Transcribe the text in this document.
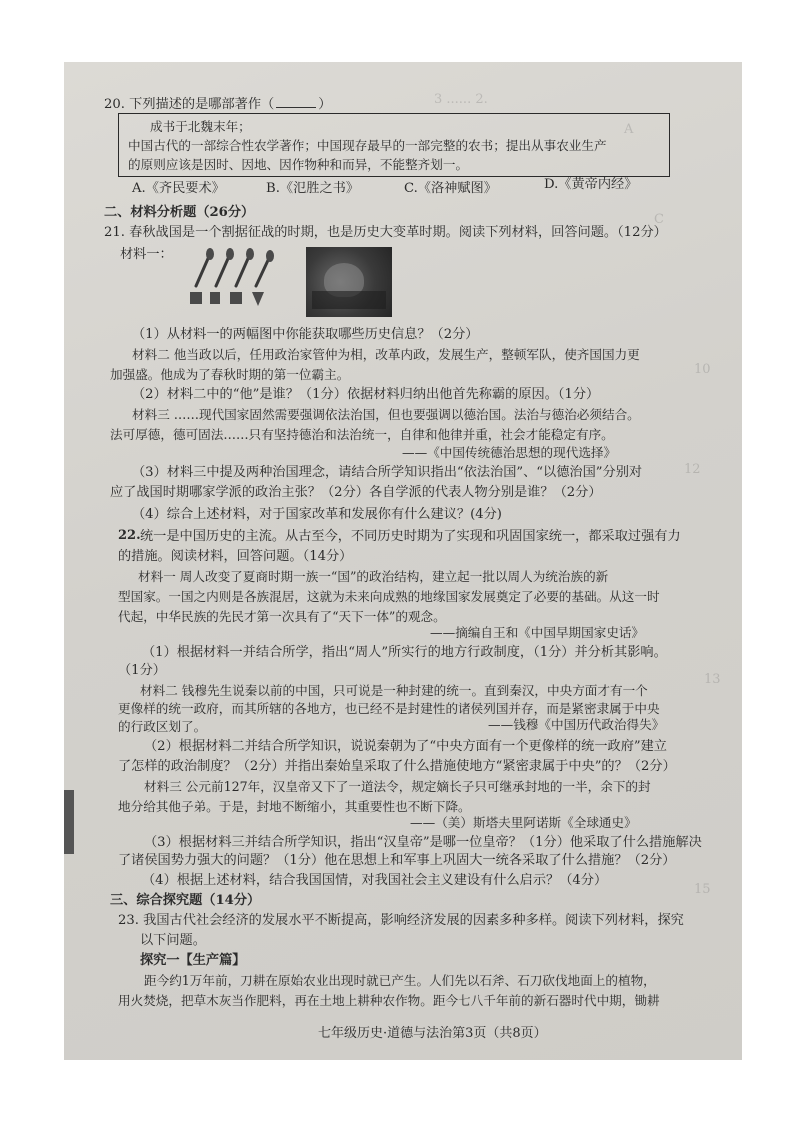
3 ...... 2.
A
C
10
12
13
15
20. 下列描述的是哪部著作（	）
成书于北魏末年；
中国古代的一部综合性农学著作；中国现存最早的一部完整的农书；提出从事农业生产
的原则应该是因时、因地、因作物种和而异，不能整齐划一。
A.《齐民要术》	B.《氾胜之书》	C.《洛神赋图》	D.《黄帝内经》
二、材料分析题（26分）
21. 春秋战国是一个割据征战的时期，也是历史大变革时期。阅读下列材料，回答问题。（12分）
材料一：
（1）从材料一的两幅图中你能获取哪些历史信息？（2分）
材料二 他当政以后，任用政治家管仲为相，改革内政，发展生产，整顿军队，使齐国国力更
加强盛。他成为了春秋时期的第一位霸主。
（2）材料二中的“他”是谁？（1分）依据材料归纳出他首先称霸的原因。（1分）
材料三 ……现代国家固然需要强调依法治国，但也要强调以德治国。法治与德治必须结合。
法可厚德，德可固法……只有坚持德治和法治统一，自律和他律并重，社会才能稳定有序。
——《中国传统德治思想的现代选择》
（3）材料三中提及两种治国理念，请结合所学知识指出“依法治国”、“以德治国”分别对
应了战国时期哪家学派的政治主张？（2分）各自学派的代表人物分别是谁？（2分）
（4）综合上述材料，对于国家改革和发展你有什么建议？(4分)
22. 统一是中国历史的主流。从古至今，不同历史时期为了实现和巩固国家统一，都采取过强有力
的措施。阅读材料，回答问题。（14分）
材料一 周人改变了夏商时期一族一“国”的政治结构，建立起一批以周人为统治族的新
型国家。一国之内则是各族混居，这就为未来向成熟的地缘国家发展奠定了必要的基础。从这一时
代起，中华民族的先民才第一次具有了“天下一体”的观念。
——摘编自王和《中国早期国家史话》
（1）根据材料一并结合所学，指出“周人”所实行的地方行政制度，（1分）并分析其影响。
（1分）
材料二 钱穆先生说秦以前的中国，只可说是一种封建的统一。直到秦汉，中央方面才有一个
更像样的统一政府，而其所辖的各地方，也已经不是封建性的诸侯列国并存，而是紧密隶属于中央
的行政区划了。	——钱穆《中国历代政治得失》
（2）根据材料二并结合所学知识，说说秦朝为了“中央方面有一个更像样的统一政府”建立
了怎样的政治制度？（2分）并指出秦始皇采取了什么措施使地方“紧密隶属于中央”的？（2分）
材料三 公元前127年，汉皇帝又下了一道法令，规定嫡长子只可继承封地的一半，余下的封
地分给其他子弟。于是，封地不断缩小，其重要性也不断下降。
——（美）斯塔夫里阿诺斯《全球通史》
（3）根据材料三并结合所学知识，指出“汉皇帝”是哪一位皇帝？（1分）他采取了什么措施解决
了诸侯国势力强大的问题？（1分）他在思想上和军事上巩固大一统各采取了什么措施？（2分）
（4）根据上述材料，结合我国国情，对我国社会主义建设有什么启示？（4分）
三、综合探究题（14分）
23. 我国古代社会经济的发展水平不断提高，影响经济发展的因素多种多样。阅读下列材料，探究
以下问题。
探究一【生产篇】
距今约1万年前，刀耕在原始农业出现时就已产生。人们先以石斧、石刀砍伐地面上的植物，
用火焚烧，把草木灰当作肥料，再在土地上耕种农作物。距今七八千年前的新石器时代中期，锄耕
七年级历史·道德与法治第3页（共8页）
